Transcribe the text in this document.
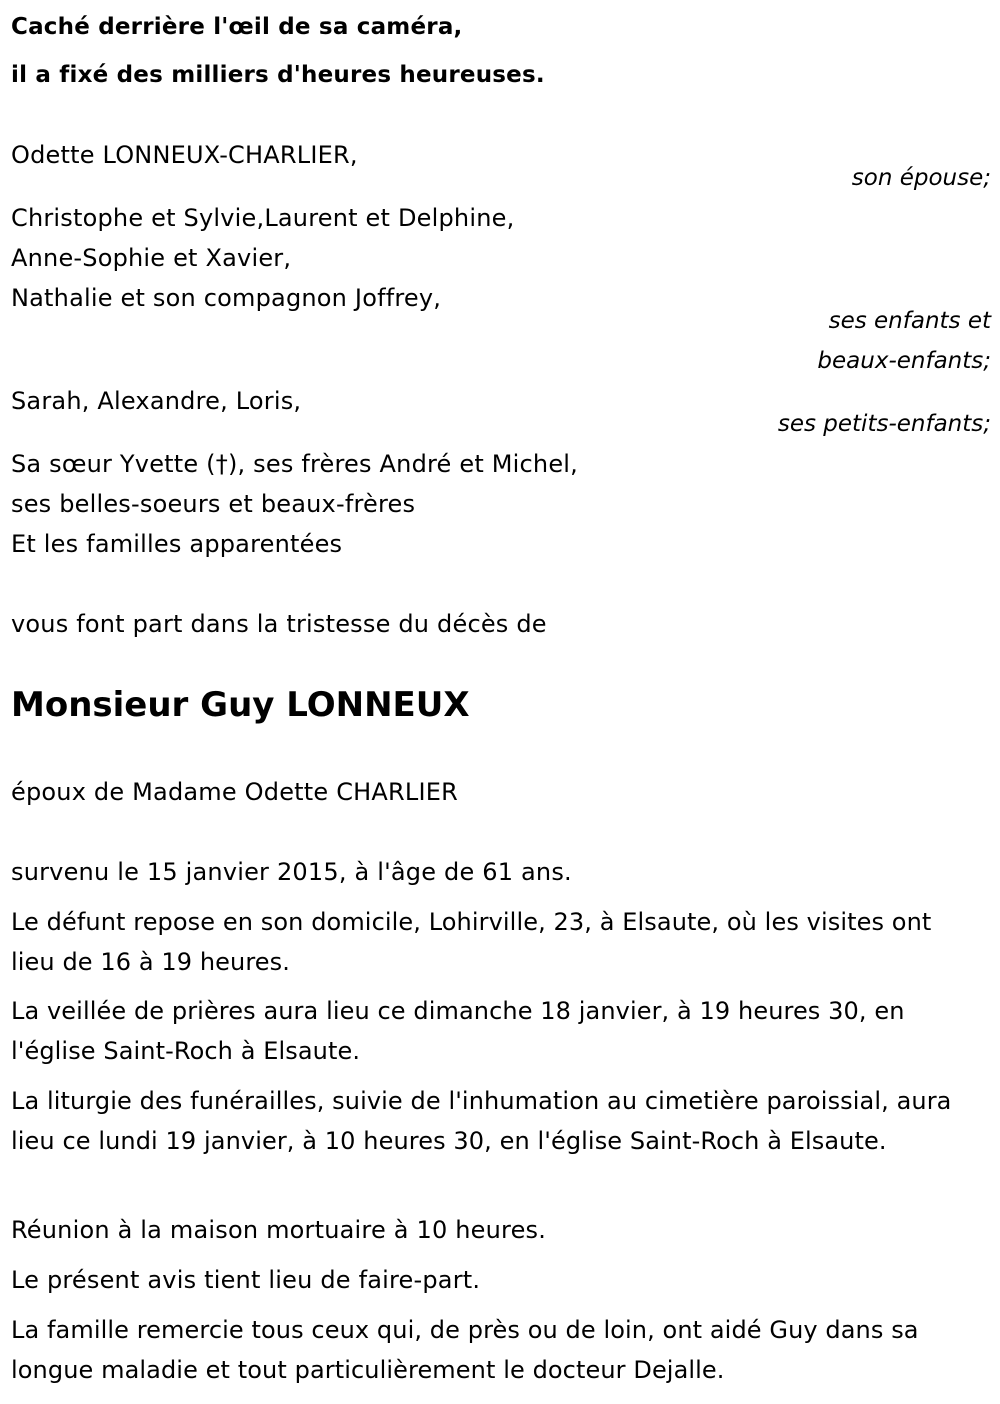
Caché derrière l'œil de sa caméra,
il a fixé des milliers d'heures heureuses.
Odette LONNEUX-CHARLIER,
son épouse;
Christophe et Sylvie,Laurent et Delphine,
Anne-Sophie et Xavier,
Nathalie et son compagnon Joffrey,
ses enfants et
beaux-enfants;
Sarah, Alexandre, Loris,
ses petits-enfants;
Sa sœur Yvette (†), ses frères André et Michel,
ses belles-soeurs et beaux-frères
Et les familles apparentées
vous font part dans la tristesse du décès de
Monsieur Guy LONNEUX
époux de Madame Odette CHARLIER
survenu le 15 janvier 2015, à l'âge de 61 ans.
Le défunt repose en son domicile, Lohirville, 23, à Elsaute, où les visites ont lieu de 16 à 19 heures.
La veillée de prières aura lieu ce dimanche 18 janvier, à 19 heures 30, en l'église Saint-Roch à Elsaute.
La liturgie des funérailles, suivie de l'inhumation au cimetière paroissial, aura lieu ce lundi 19 janvier, à 10 heures 30, en l'église Saint-Roch à Elsaute.
Réunion à la maison mortuaire à 10 heures.
Le présent avis tient lieu de faire-part.
La famille remercie tous ceux qui, de près ou de loin, ont aidé Guy dans sa longue maladie et tout particulièrement le docteur Dejalle.
